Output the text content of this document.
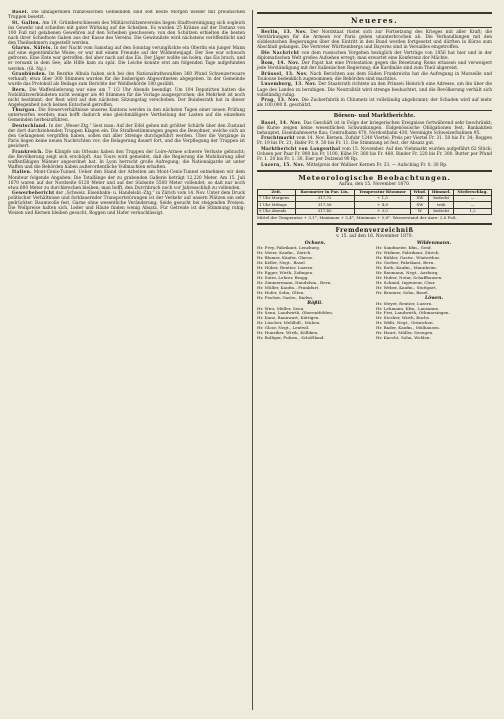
Basel. Die umlagernden französischen Gemeinden sind seit heute Morgen wieder mit preußischen Truppen besetzt.

St. Gallen. Am 19. Grümberschiessen des Militärschützenvereins liegen Stadtvereinigung sich sogleich ins Gewehr und schießen mit guter Wirkung auf die Scheiben. Es wurden 25 Kränze auf der Distanz von 100 Fuß mit gelabenen Gewehren auf den Scheiben geschossen; von den Schützen erhielten die besten nach ihrer Schiefnote Gaben aus der Kasse des Vereins. Die Gewinnliste wird nächstens veröffentlicht und den Theilnehmern zugestellt werden.

Glarus. Näfels. In der Nacht vom Samstag auf den Sonntag verunglückte ein Oberlin ein junger Mann auf eine eigentümliche Weise; er war mit einem Freunde auf der Wildentenjagd. Der See war schwach gefroren. Eine Ente war getroffen, fiel aber nach auf das Eis. Der Jäger wollte sie holen, das Eis brach, und er versank in dem See; alle Hilfe kam zu spät. Die Leiche konnte erst am folgenden Tage aufgefunden werden. (Gl. Ng.)

Graubünden. Im Bezirke Albula haben sich bei den Nationalrathswahlen 360 Pfund Schweizerwaare verkauft; etwa über 300 Stimmen wurden für die bisherigen Abgeordneten abgegeben. In der Gemeinde wurde das Protokoll als Beilage zum Berichte der Wahlbehörde 180 gezählt.

Bern. Die Waffenlieferung war eine um 7 1/2 Uhr Abends beendigt. Um 104 Deputirten hatten die Nobilitätsverbündeten nicht weniger als 40 Stimmen für die Vorlage ausgesprochen; die Mehrheit ist noch nicht bestimmt; der Rest wird auf den nächsten Sitzungstag verschoben. Der Bundesrath hat in dieser Angelegenheit noch keinen Entscheid getroffen.

Thurgau. Die Steuerverhältnisse unseres Kantons werden in den nächsten Tagen einer neuen Prüfung unterworfen werden; man hofft dadurch eine gleichmäßigere Vertheilung der Lasten auf die einzelnen Gemeinden herbeizuführen.

Deutschland. In der „Weser-Ztg.“ liest man: Auf der Eifel gehen mit größter Schärfe über den Zustand der dort durchziehenden Truppen Klagen ein. Die Strafbestimmungen gegen die Bewohner, welche sich an den Gefangenen vergriffen haben, sollen mit aller Strenge durchgeführt werden. Über die Vorgänge in Paris liegen keine neuen Nachrichten vor; die Belagerung dauert fort, und die Verpflegung der Truppen ist gesichert.

Frankreich. Die Kämpfe um Orleans haben den Truppen der Loire-Armee schwere Verluste gebracht; die Bevölkerung zeigt sich erschöpft. Aus Tours wird gemeldet, daß die Regierung die Mobilisirung aller waffenfähigen Männer angeordnet hat. In Lyon herrscht große Aufregung; die Nationalgarde ist unter Waffen und die Behörden haben außerordentliche Vollmachten erhalten.

Italien. Mont-Cenis-Tunnel. Ueber den Stand der Arbeiten am Mont-Cenis-Tunnel entnehmen wir dem Moniteur folgende Angaben: Die Totallänge der zu grabenden Gallerie beträgt 12,220 Meter. Am 15. Juli 1870 waren auf der Nordseite 6120 Meter und auf der Südseite 5500 Meter vollendet, so daß nur noch etwa 600 Meter zu durchbrechen bleiben; man hofft, den Durchbruch noch vor Jahresschluß zu vollenden.

Gewerbebericht der „Schweiz. Eisenbahn- u. Handelsbl.-Ztg.“ in Zürich vom 14. Nov. Unter dem Druck politischer Verhältnisse und fortdauernder Transportstörungen ist der Verkehr auf unsern Plätzen ein sehr gedrückter. Baumwolle fest, Garne ohne wesentliche Veränderung; Seide gesucht bei steigenden Preisen. Die Wollpreise halten sich, Leder und Häute finden wenig Absatz. Für Getreide ist die Stimmung ruhig; Weizen und Kernen bleiben gesucht, Roggen und Hafer vernachlässigt.

Neueres.

Berlin, 13. Nov. Der Nordstaat rüstet sich zur Fortsetzung des Krieges mit aller Kraft; die Verstärkungen für die Armeen vor Paris gehen ununterbrochen ab. Die Verhandlungen mit den süddeutschen Regierungen über den Eintritt in den Bund werden fortgesetzt und dürften in Kürze zum Abschluß gelangen. Die Vertreter Württembergs und Bayerns sind in Versailles eingetroffen.

Die Nachricht von dem russischen Vorgehen bezüglich der Verträge von 1856 hat hier und in der diplomatischen Welt großes Aufsehen erregt; man erwartet eine Konferenz der Mächte.

Rom, 14. Nov. Der Papst hat eine Protestation gegen die Besetzung Roms erlassen und verweigert jede Verständigung mit der italienischen Regierung; die Kardinäle sind zum Theil abgereist.

Brüssel, 13. Nov. Nach Berichten aus dem Süden Frankreichs hat die Aufregung in Marseille und Toulouse bedenklich zugenommen; die Behörden sind machtlos.

Luxemburg, 13. Nov. Der Staatsrath richtete an den Prinzen Heinrich eine Adresse, um ihn über die Lage des Landes zu beruhigen. Die Neutralität wird strenge beobachtet, und die Bevölkerung verhält sich vollständig ruhig.

Prag, 13. Nov. Die Zuckerfabrik in Chlumetz ist vollständig abgebrannt; der Schaden wird auf mehr als 100,000 fl. geschätzt.

Börsen- und Marktberichte.

Basel, 14. Nov. Das Geschäft ist in Folge der kriegerischen Ereignisse fortwährend sehr beschränkt; die Kurse zeigen keine wesentlichen Schwankungen. Eidgenössische Obligationen fest, Bankaktien behauptet, Eisenbahnwerte flau; Centralbahn 470, Nordostbahn 430, Vereinigte Schweizerbahnen 95.

Fruchtmarkt vom 14. Nov. Kernen, Zufuhr 1240 Viertel; Preis per Viertel Fr. 31. 50 bis Fr. 34; Roggen Fr. 19 bis Fr. 21; Hafer Fr. 9. 50 bis Fr. 11. Die Stimmung ist fest, der Absatz gut.

Marktbericht von Langenthal vom 15. November. Auf den Viehmarkt wurden aufgeführt 62 Stück; Ochsen per Paar Fr. 900 bis Fr. 1100, Kühe Fr. 360 bis Fr. 480, Rinder Fr. 220 bis Fr. 300. Butter per Pfund Fr. 1. 20 bis Fr. 1. 30, Eier per Dutzend 90 Rp.

Luzern, 15. Nov. Mittelpreis der Walliser Kernen Fr. 33. — Aufschlag Fr. 0. 30 Rp.

Meteorologische Beobachtungen.
Aarau, den 15. November 1870.
Zeit.	Barometer in Par. Lin.	Temperatur Réaumur	Wind.	Himmel.	Niederschlag.
7 Uhr Morgens	317,72	+ 1,5	SW	bedeckt	—
1 Uhr Mittags	317,56	+ 4,8	SW	trüb	—
9 Uhr Abends	317,40	+ 3,0	W	bedeckt	1,2
Mittel der Temperatur + 3,1°; Maximum + 5,4°; Minimum + 0,6°. Wasserstand der Aare: 2,8 Fuß.
Fremdenverzeichniß
v. 15. auf den 16. November 1870.
Ochsen.
Hr. Frey, Fabrikant, Lenzburg.
Hr. Meier, Kaufm., Zürich.
Hr. Blumer, Käufer, Glarus.
Hr. Keller, Negt., Basel.
Hr. Hüber, Rentier, Luzern.
Hr. Egger, Wirth, Zofingen.
Hr. Suter, Lehrer, Brugg.
Hr. Zimmermann, Handelsm., Bern.
Hr. Müller, Kaufm., Frankfurt.
Hr. Hofer, Sohn, Olten.
Hr. Fischer, Gastw., Baden.
Rößli.
Hr. Wirz, Müller, Seon.
Hr. Senn, Landwirth, Oberentfelden.
Hr. Kunz, Bannwart, Küttigen.
Hr. Lüscher, Mehlhdl., Muhen.
Hr. Gloor, Negt., Leutwil.
Hr. Hunziker, Wirth, Kölliken.
Hr. Bolliger, Fuhrm., Schöftland.
Wildenmann.
Hr. Sandmeier, Kfm., Genf.
Hr. Widmer, Fabrikant, Zürich.
Hr. Bühler, Gastw., Winterthur.
Hr. Gerber, Fabrikant, Bern.
Hr. Roth, Kaufm., Mannheim.
Hr. Baumann, Negt., Aarburg.
Hr. Huber, Notar, Schaffhausen.
Hr. Schmid, Ingenieur, Chur.
Hr. Weber, Kaufm., Stuttgart.
Hr. Brunner, Sohn, Basel.
Löwen.
Hr. Meyer, Rentier, Luzern.
Hr. Lehmann, Kfm., Lausanne.
Hr. Frei, Landwirth, Othmarsingen.
Hr. Stocker, Wirth, Buchs.
Hr. Wälti, Negt., Gränichen.
Hr. Bader, Kaufm., Mülhausen.
Hr. Hauri, Müller, Seengen.
Hr. Knecht, Sohn, Wohlen.
